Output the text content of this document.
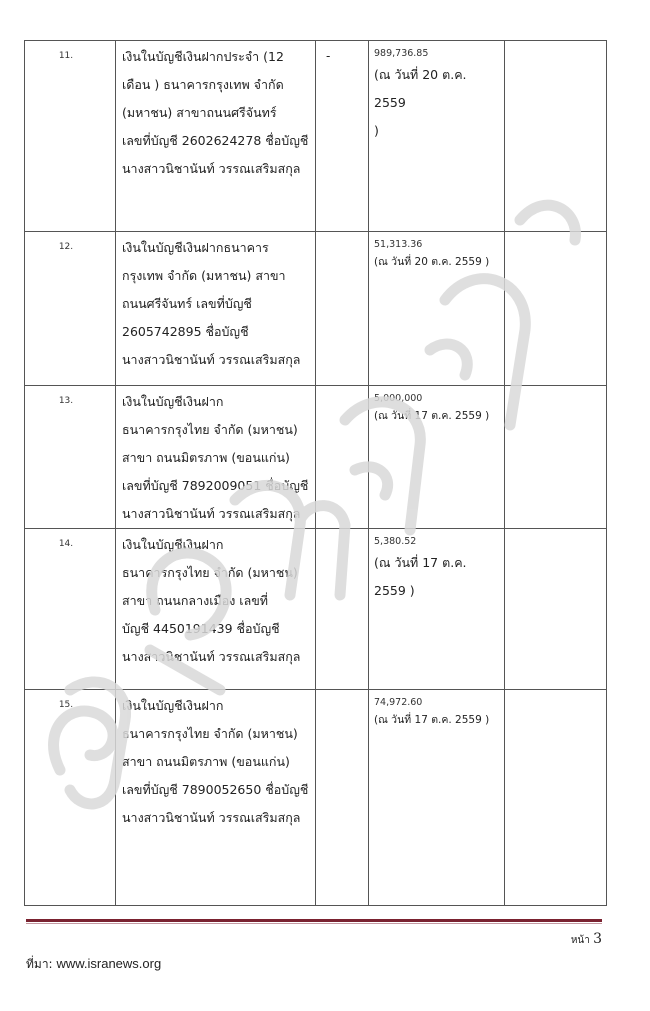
11.	เงินในบัญชีเงินฝากประจำ (12
เดือน ) ธนาคารกรุงเทพ จำกัด
(มหาชน) สาขาถนนศรีจันทร์
เลขที่บัญชี 2602624278 ชื่อบัญชี
นางสาวนิชานันท์ วรรณเสริมสกุล	-	989,736.85
(ณ วันที่ 20 ต.ค. 2559
)	

12.	เงินในบัญชีเงินฝากธนาคาร
กรุงเทพ จำกัด (มหาชน) สาขา
ถนนศรีจันทร์ เลขที่บัญชี
2605742895 ชื่อบัญชี
นางสาวนิชานันท์ วรรณเสริมสกุล		51,313.36
(ณ วันที่ 20 ต.ค. 2559 )	

13.	เงินในบัญชีเงินฝาก
ธนาคารกรุงไทย จำกัด (มหาชน)
สาขา ถนนมิตรภาพ (ขอนแก่น)
เลขที่บัญชี 7892009051 ชื่อบัญชี
นางสาวนิชานันท์ วรรณเสริมสกุล		5,000,000
(ณ วันที่ 17 ต.ค. 2559 )	

14.	เงินในบัญชีเงินฝาก
ธนาคารกรุงไทย จำกัด (มหาชน)
สาขา ถนนกลางเมือง เลขที่
บัญชี 4450191439 ชื่อบัญชี
นางสาวนิชานันท์ วรรณเสริมสกุล		5,380.52
(ณ วันที่ 17 ต.ค.
2559 )	

15.	เงินในบัญชีเงินฝาก
ธนาคารกรุงไทย จำกัด (มหาชน)
สาขา ถนนมิตรภาพ (ขอนแก่น)
เลขที่บัญชี 7890052650 ชื่อบัญชี
นางสาวนิชานันท์ วรรณเสริมสกุล		74,972.60
(ณ วันที่ 17 ต.ค. 2559 )	

หน้า 3
ที่มา: www.isranews.org
